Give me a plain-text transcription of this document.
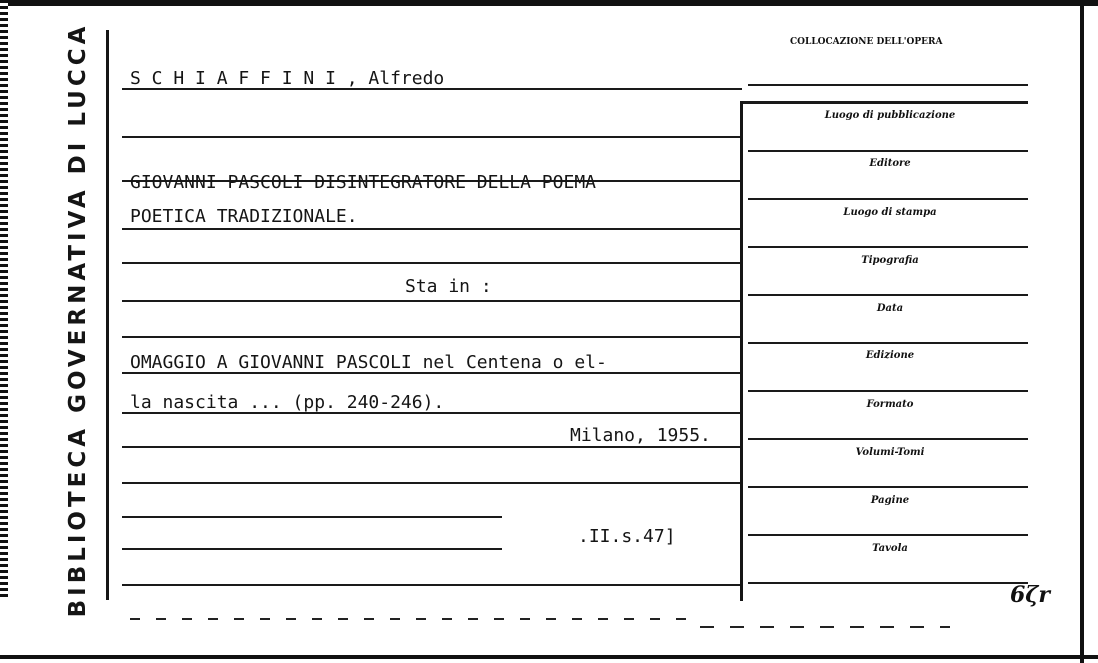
BIBLIOTECA GOVERNATIVA DI LUCCA S C H I A F F I N I , Alfredo
GIOVANNI PASCOLI DISINTEGRATORE DELLA POEMA
POETICA TRADIZIONALE.
Sta in :
OMAGGIO A GIOVANNI PASCOLI nel Centena o el-
la nascita ... (pp. 240-246).
Milano, 1955.
.II.s.47]
COLLOCAZIONE DELL'OPERA
Luogo di pubblicazione
Editore
Luogo di stampa
Tipografia
Data
Edizione
Formato
Volumi-Tomi
Pagine
Tavola
6ζr
